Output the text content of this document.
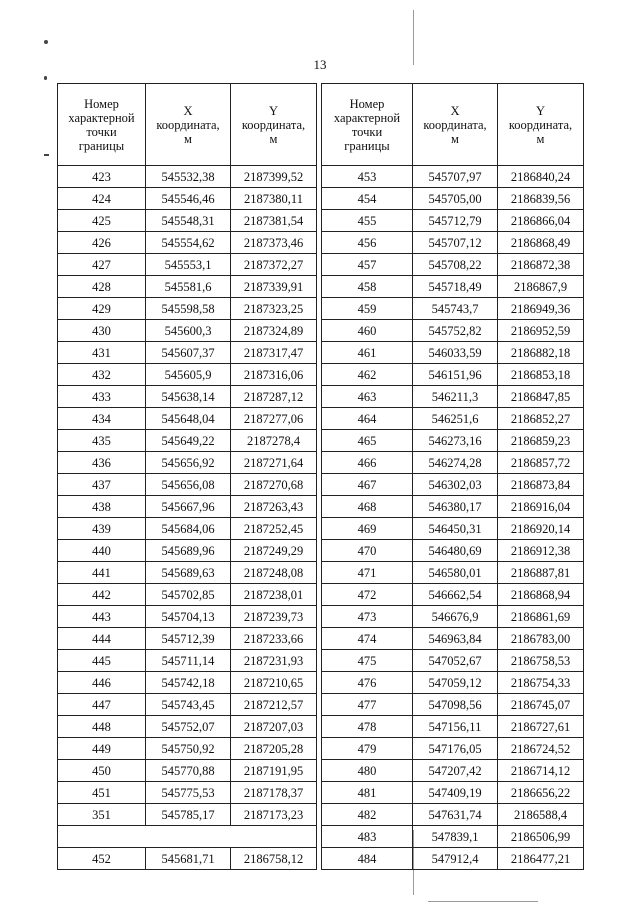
13
Номер
характерной
точки
границы	X
координата,
м	Y
координата,
м

423	545532,38	2187399,52
424	545546,46	2187380,11
425	545548,31	2187381,54
426	545554,62	2187373,46
427	545553,1	2187372,27
428	545581,6	2187339,91
429	545598,58	2187323,25
430	545600,3	2187324,89
431	545607,37	2187317,47
432	545605,9	2187316,06
433	545638,14	2187287,12
434	545648,04	2187277,06
435	545649,22	2187278,4
436	545656,92	2187271,64
437	545656,08	2187270,68
438	545667,96	2187263,43
439	545684,06	2187252,45
440	545689,96	2187249,29
441	545689,63	2187248,08
442	545702,85	2187238,01
443	545704,13	2187239,73
444	545712,39	2187233,66
445	545711,14	2187231,93
446	545742,18	2187210,65
447	545743,45	2187212,57
448	545752,07	2187207,03
449	545750,92	2187205,28
450	545770,88	2187191,95
451	545775,53	2187178,37
351	545785,17	2187173,23

452	545681,71	2186758,12
Номер
характерной
точки
границы	X
координата,
м	Y
координата,
м

453	545707,97	2186840,24
454	545705,00	2186839,56
455	545712,79	2186866,04
456	545707,12	2186868,49
457	545708,22	2186872,38
458	545718,49	2186867,9
459	545743,7	2186949,36
460	545752,82	2186952,59
461	546033,59	2186882,18
462	546151,96	2186853,18
463	546211,3	2186847,85
464	546251,6	2186852,27
465	546273,16	2186859,23
466	546274,28	2186857,72
467	546302,03	2186873,84
468	546380,17	2186916,04
469	546450,31	2186920,14
470	546480,69	2186912,38
471	546580,01	2186887,81
472	546662,54	2186868,94
473	546676,9	2186861,69
474	546963,84	2186783,00
475	547052,67	2186758,53
476	547059,12	2186754,33
477	547098,56	2186745,07
478	547156,11	2186727,61
479	547176,05	2186724,52
480	547207,42	2186714,12
481	547409,19	2186656,22
482	547631,74	2186588,4
483	547839,1	2186506,99
484	547912,4	2186477,21
